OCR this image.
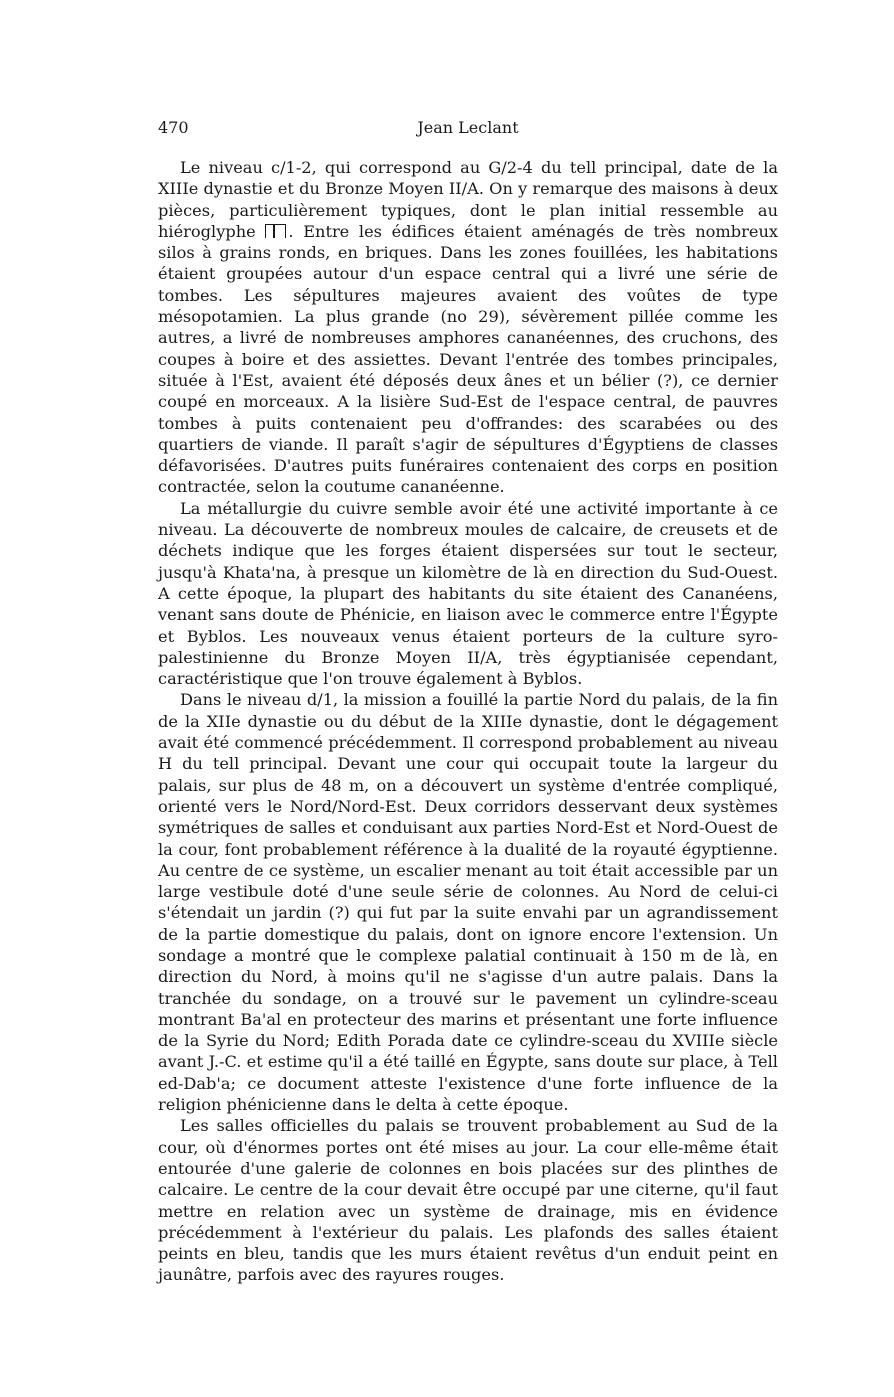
470	Jean Leclant

Le niveau c/1-2, qui correspond au G/2-4 du tell principal, date de la XIIIe dynastie et du Bronze Moyen II/A. On y remarque des maisons à deux pièces, particulièrement typiques, dont le plan initial ressemble au hiéroglyphe . Entre les édifices étaient aménagés de très nombreux silos à grains ronds, en briques. Dans les zones fouillées, les habitations étaient groupées autour d'un espace central qui a livré une série de tombes. Les sépultures majeures avaient des voûtes de type mésopotamien. La plus grande (no 29), sévèrement pillée comme les autres, a livré de nombreuses amphores cananéennes, des cruchons, des coupes à boire et des assiettes. Devant l'entrée des tombes principales, située à l'Est, avaient été déposés deux ânes et un bélier (?), ce dernier coupé en morceaux. A la lisière Sud-Est de l'espace central, de pauvres tombes à puits contenaient peu d'offrandes: des scarabées ou des quartiers de viande. Il paraît s'agir de sépultures d'Égyptiens de classes défavorisées. D'autres puits funéraires contenaient des corps en position contractée, selon la coutume cananéenne.

La métallurgie du cuivre semble avoir été une activité importante à ce niveau. La découverte de nombreux moules de calcaire, de creusets et de déchets indique que les forges étaient dispersées sur tout le secteur, jusqu'à Khata'na, à presque un kilomètre de là en direction du Sud-Ouest. A cette époque, la plupart des habitants du site étaient des Cananéens, venant sans doute de Phénicie, en liaison avec le commerce entre l'Égypte et Byblos. Les nouveaux venus étaient porteurs de la culture syro-palestinienne du Bronze Moyen II/A, très égyptianisée cependant, caractéristique que l'on trouve également à Byblos.

Dans le niveau d/1, la mission a fouillé la partie Nord du palais, de la fin de la XIIe dynastie ou du début de la XIIIe dynastie, dont le dégagement avait été commencé précédemment. Il correspond probablement au niveau H du tell principal. Devant une cour qui occupait toute la largeur du palais, sur plus de 48 m, on a découvert un système d'entrée compliqué, orienté vers le Nord/Nord-Est. Deux corridors desservant deux systèmes symétriques de salles et conduisant aux parties Nord-Est et Nord-Ouest de la cour, font probablement référence à la dualité de la royauté égyptienne. Au centre de ce système, un escalier menant au toit était accessible par un large vestibule doté d'une seule série de colonnes. Au Nord de celui-ci s'étendait un jardin (?) qui fut par la suite envahi par un agrandissement de la partie domestique du palais, dont on ignore encore l'extension. Un sondage a montré que le complexe palatial continuait à 150 m de là, en direction du Nord, à moins qu'il ne s'agisse d'un autre palais. Dans la tranchée du sondage, on a trouvé sur le pavement un cylindre-sceau montrant Ba'al en protecteur des marins et présentant une forte influence de la Syrie du Nord; Edith Porada date ce cylindre-sceau du XVIIIe siècle avant J.-C. et estime qu'il a été taillé en Égypte, sans doute sur place, à Tell ed-Dab'a; ce document atteste l'existence d'une forte influence de la religion phénicienne dans le delta à cette époque.

Les salles officielles du palais se trouvent probablement au Sud de la cour, où d'énormes portes ont été mises au jour. La cour elle-même était entourée d'une galerie de colonnes en bois placées sur des plinthes de calcaire. Le centre de la cour devait être occupé par une citerne, qu'il faut mettre en relation avec un système de drainage, mis en évidence précédemment à l'extérieur du palais. Les plafonds des salles étaient peints en bleu, tandis que les murs étaient revêtus d'un enduit peint en jaunâtre, parfois avec des rayures rouges.
